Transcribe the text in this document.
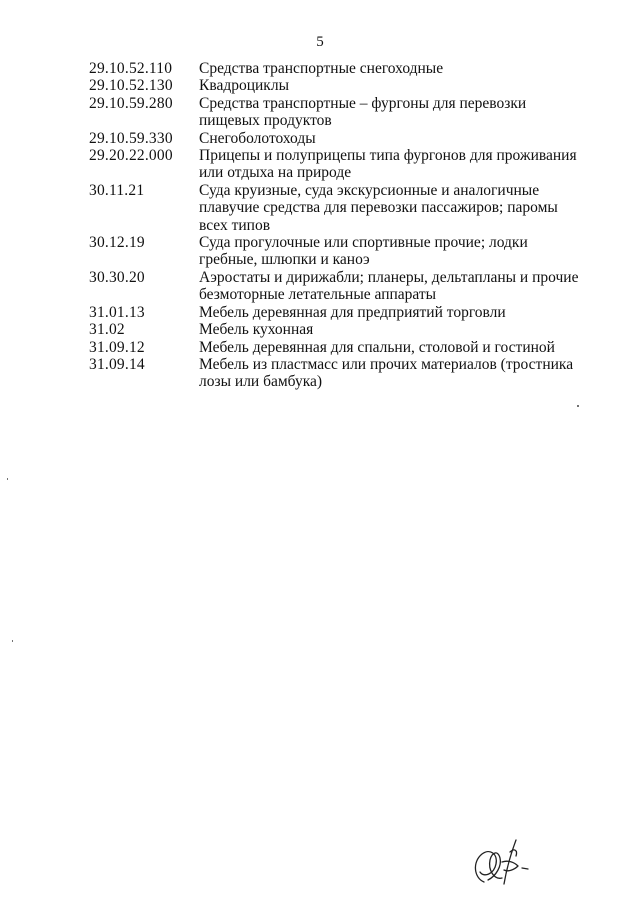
5
29.10.52.110	Средства транспортные снегоходные
29.10.52.130	Квадроциклы
29.10.59.280	Средства транспортные – фургоны для перевозки
пищевых продуктов
29.10.59.330	Снегоболотоходы
29.20.22.000	Прицепы и полуприцепы типа фургонов для проживания
или отдыха на природе
30.11.21	Суда круизные, суда экскурсионные и аналогичные
плавучие средства для перевозки пассажиров; паромы
всех типов
30.12.19	Суда прогулочные или спортивные прочие; лодки
гребные, шлюпки и каноэ
30.30.20	Аэростаты и дирижабли; планеры, дельтапланы и прочие
безмоторные летательные аппараты
31.01.13	Мебель деревянная для предприятий торговли
31.02	Мебель кухонная
31.09.12	Мебель деревянная для спальни, столовой и гостиной
31.09.14	Мебель из пластмасс или прочих материалов (тростника
лозы или бамбука)
